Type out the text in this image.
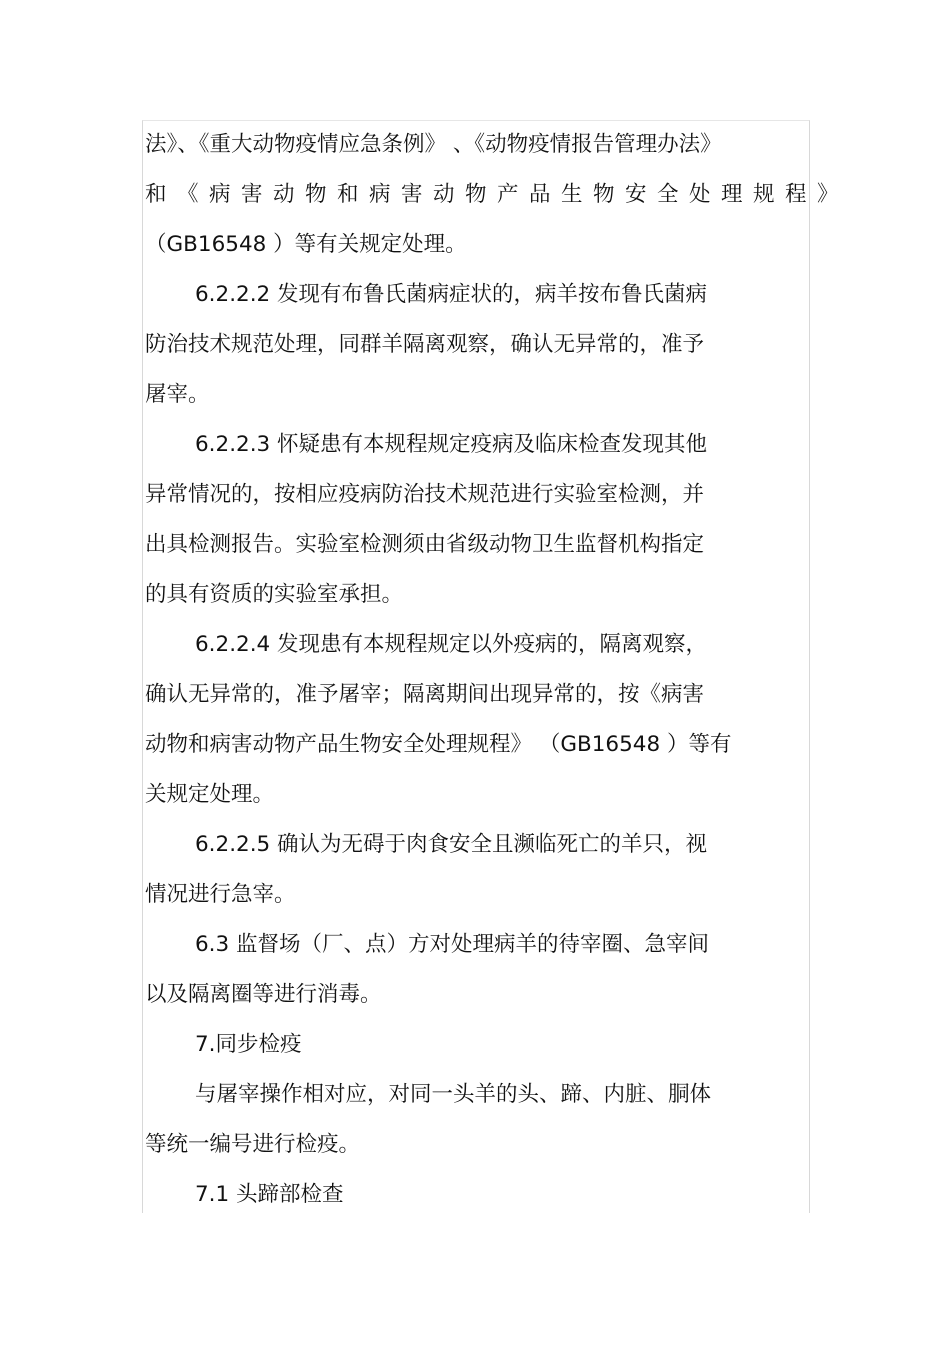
法》、《重大动物疫情应急条例》 、《动物疫情报告管理办法》
和《病害动物和病害动物产品生物安全处理规程》
（GB16548 ）等有关规定处理。
6.2.2.2 发现有布鲁氏菌病症状的，病羊按布鲁氏菌病
防治技术规范处理，同群羊隔离观察，确认无异常的，准予
屠宰。
6.2.2.3 怀疑患有本规程规定疫病及临床检查发现其他
异常情况的，按相应疫病防治技术规范进行实验室检测，并
出具检测报告。实验室检测须由省级动物卫生监督机构指定
的具有资质的实验室承担。
6.2.2.4 发现患有本规程规定以外疫病的，隔离观察，
确认无异常的，准予屠宰；隔离期间出现异常的，按《病害
动物和病害动物产品生物安全处理规程》 （GB16548 ）等有
关规定处理。
6.2.2.5 确认为无碍于肉食安全且濒临死亡的羊只，视
情况进行急宰。
6.3 监督场（厂、点）方对处理病羊的待宰圈、急宰间
以及隔离圈等进行消毒。
7.同步检疫
与屠宰操作相对应，对同一头羊的头、蹄、内脏、胴体
等统一编号进行检疫。
7.1 头蹄部检查
